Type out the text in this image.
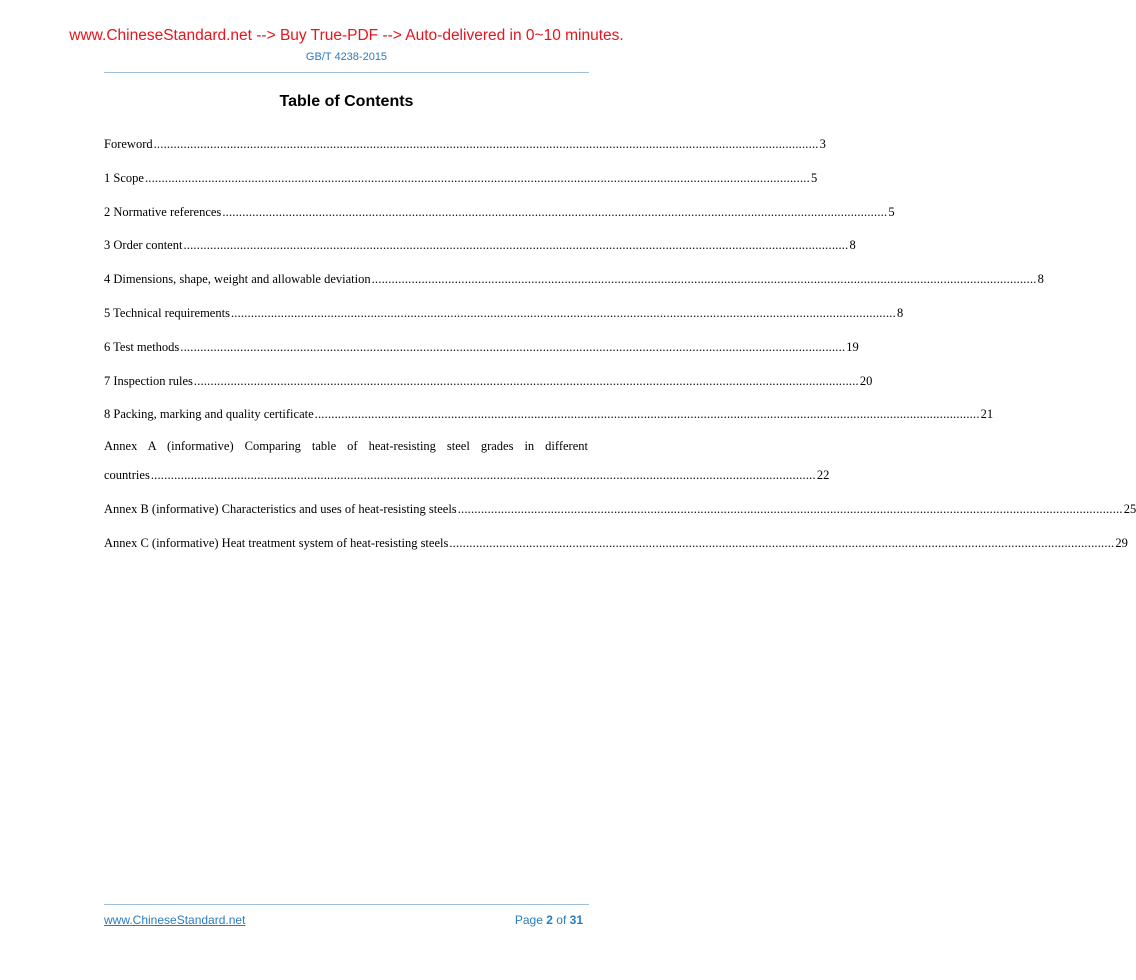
www.ChineseStandard.net --> Buy True-PDF --> Auto-delivered in 0~10 minutes.
GB/T 4238-2015
Table of Contents
Foreword ........................................................................................................................................................................................................ 3
1 Scope ........................................................................................................................................................................................................ 5
2 Normative references ........................................................................................................................................................................................................ 5
3 Order content ........................................................................................................................................................................................................ 8
4 Dimensions, shape, weight and allowable deviation ........................................................................................................................................................................................................ 8
5 Technical requirements ........................................................................................................................................................................................................ 8
6 Test methods ........................................................................................................................................................................................................ 19
7 Inspection rules ........................................................................................................................................................................................................ 20
8 Packing, marking and quality certificate ........................................................................................................................................................................................................ 21
Annex A (informative) Comparing table of heat-resisting steel grades in different
countries ........................................................................................................................................................................................................ 22
Annex B (informative) Characteristics and uses of heat-resisting steels ........................................................................................................................................................................................................ 25
Annex C (informative) Heat treatment system of heat-resisting steels ........................................................................................................................................................................................................ 29
www.ChineseStandard.net	Page 2 of 31
